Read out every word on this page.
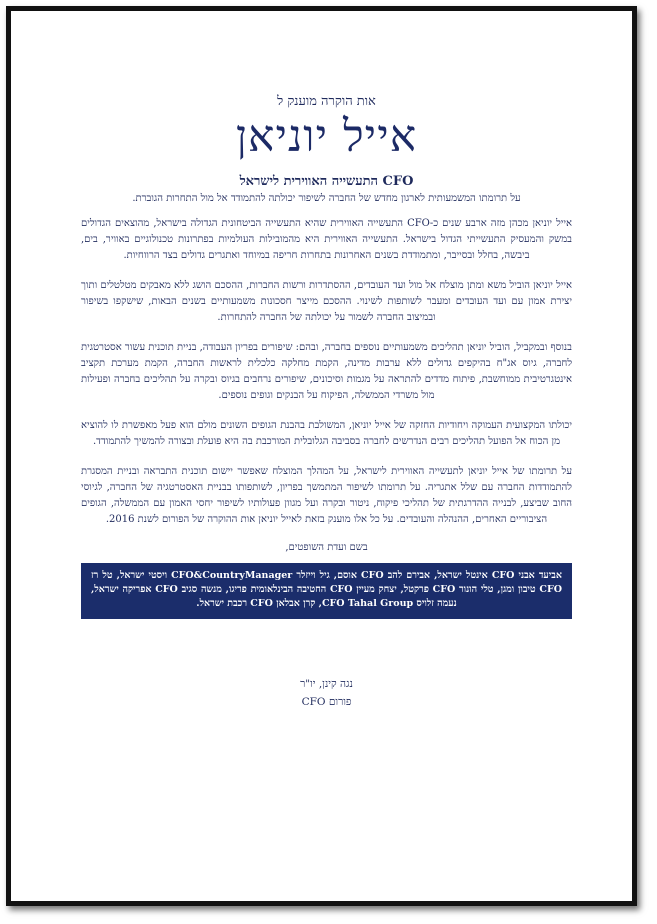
אות הוקרה מוענק ל
אייל יוניאן
CFO התעשייה האווירית לישראל
על תרומתו המשמעותית לארגון מחדש של החברה לשיפור יכולתה להתמודד אל מול התחרות הגוברת.

אייל יוניאן מכהן מזה ארבע שנים כ-CFO התעשייה האווירית שהיא התעשייה הביטחונית הגדולה בישראל, מהוצאים הגדולים במשק והמעסיק התעשייתי הגדול בישראל. התעשייה האווירית היא מהמובילות העולמיות בפתרונות טכנולוגיים באוויר, בים, ביבשה, בחלל ובסייבר, ומתמודדת בשנים האחרונות בתחרות חריפה במיוחד ואתגרים גדולים בצד הרווחיות.

אייל יוניאן הוביל משא ומתן מוצלח אל מול ועד העובדים, ההסתדרות ורשות החברות, ההסכם הושג ללא מאבקים מטלטלים ותוך יצירת אמון עם ועד העובדים ומעבר לשותפות לשינוי. ההסכם מייצר חסכונות משמעותיים בשנים הבאות, שישקפו בשיפור ובמיצוב החברה לשמור על יכולתה של החברה להתחרות.

בנוסף ובמקביל, הוביל יוניאן תהליכים משמעותיים נוספים בחברה, ובהם: שיפורים בפריון העבודה, בניית תוכנית עשור אסטרטגית לחברה, גיוס אג"ח בהיקפים גדולים ללא ערבות מדינה, הקמת מחלקה כלכלית לראשות החברה, הקמת מערכת תקציב אינטגרטיבית ממוחשבת, פיתוח מדדים להתראה על מגמות וסיכונים, שיפורים נרחבים בגיוס ובקרה על תהליכים בחברה ופעילות מול משרדי הממשלה, הפיקוח על הבנקים וגופים נוספים.

יכולתו המקצועית העמוקה ויחודיות החזקה של אייל יוניאן, המשולבת בהבנת הגופים השונים מולם הוא פעל מאפשרת לו להוציא מן הכוח אל הפועל תהליכים רבים הנדרשים לחברה בסביבה הגלובלית המורכבת בה היא פועלת ובצורה להמשיך להתמודד.

על תרומתו של אייל יוניאן לתעשייה האווירית לישראל, על המהלך המוצלח שאפשר יישום תוכנית התבראה ובניית המסגרת להתמודדות החברה עם שלל אתגריה. על תרומתו לשיפור המתמשך בפריון, לשותפותו בבניית האסטרטגיה של החברה, לגיוסי החוב שביצע, לבנייה ההדרגתית של תהליכי פיקוח, ניטור ובקרה ועל מגוון פעולותיו לשיפור יחסי האמון עם הממשלה, הגופים הציבוריים האחרים, ההנהלה והעובדים. על כל אלו מוענק בזאת לאייל יוניאן אות ההוקרה של הפורום לשנת 2016.

בשם ועדת השופטים,
אביעד אבני CFO אינטל ישראל, אבירם להב CFO אוסם, גיל וייזלר CFO&CountryManager ויסטי ישראל, טל רז CFO טיבון ומגן, טלי הונור CFO פרקטל, יצחק מעיין CFO החטיבה הבינלאומית פריגו, מנשה סגיב CFO אפריקה ישראל, נעמה זלויס CFO Tahal Group, קרן אבלאן CFO רכבת ישראל.
נגה קינן, יו"ר
פורום CFO
